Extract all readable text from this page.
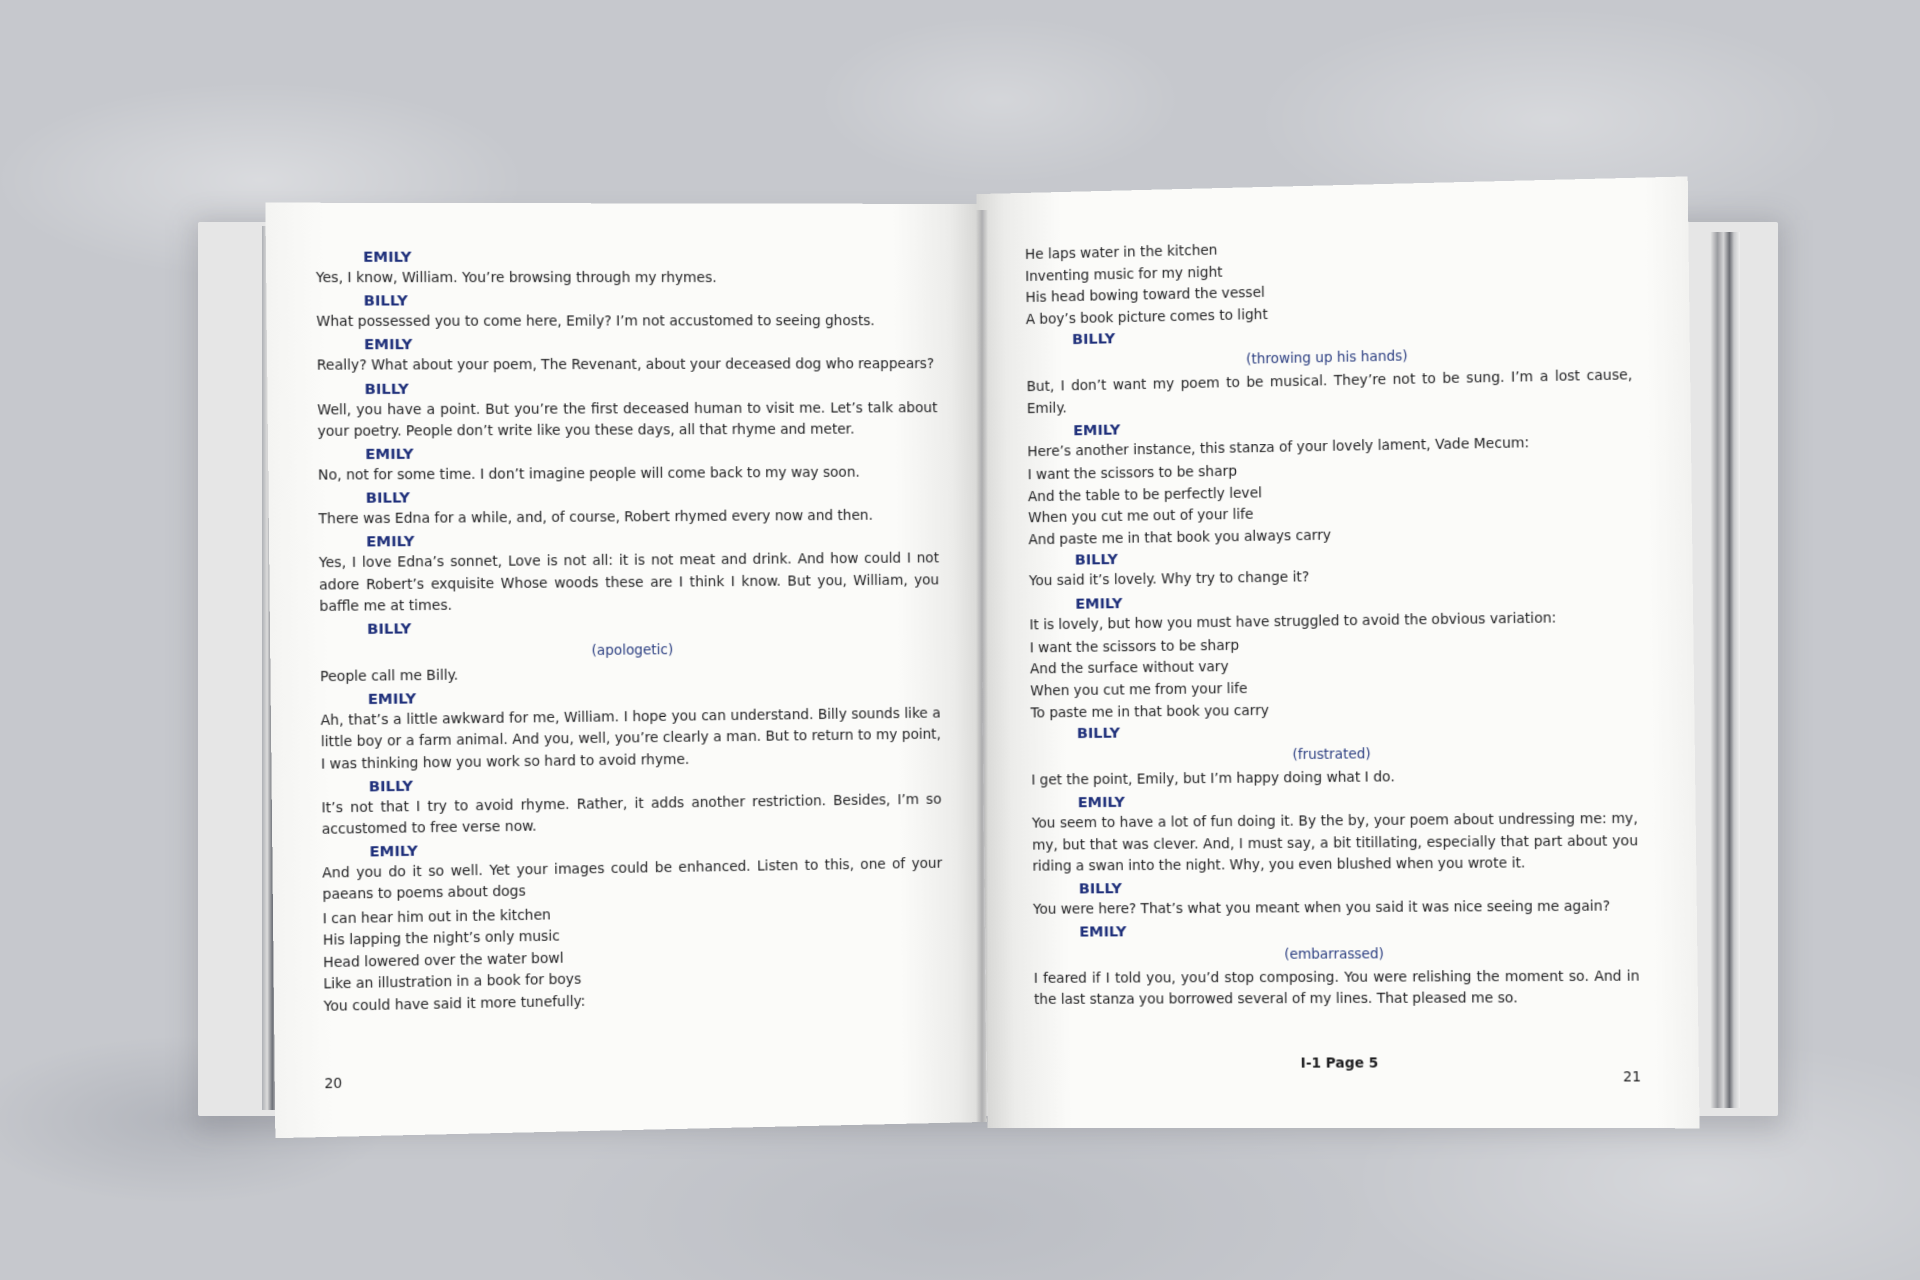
EMILY
Yes, I know, William. You’re browsing through my rhymes.
BILLY
What possessed you to come here, Emily? I’m not accustomed to seeing ghosts.
EMILY
Really? What about your poem, The Revenant, about your deceased dog who reappears?
BILLY
Well, you have a point. But you’re the first deceased human to visit me. Let’s talk about your poetry. People don’t write like you these days, all that rhyme and meter.
EMILY
No, not for some time. I don’t imagine people will come back to my way soon.
BILLY
There was Edna for a while, and, of course, Robert rhymed every now and then.
EMILY
Yes, I love Edna’s sonnet, Love is not all: it is not meat and drink. And how could I not adore Robert’s exquisite Whose woods these are I think I know. But you, William, you baffle me at times.
BILLY
(apologetic)
People call me Billy.
EMILY
Ah, that’s a little awkward for me, William. I hope you can understand. Billy sounds like a little boy or a farm animal. And you, well, you’re clearly a man. But to return to my point, I was thinking how you work so hard to avoid rhyme.
BILLY
It’s not that I try to avoid rhyme. Rather, it adds another restriction. Besides, I’m so accustomed to free verse now.
EMILY
And you do it so well. Yet your images could be enhanced. Listen to this, one of your paeans to poems about dogs
I can hear him out in the kitchen
His lapping the night’s only music
Head lowered over the water bowl
Like an illustration in a book for boys
You could have said it more tunefully:
20
He laps water in the kitchen
Inventing music for my night
His head bowing toward the vessel
A boy’s book picture comes to light
BILLY
(throwing up his hands)
But, I don’t want my poem to be musical. They’re not to be sung. I’m a lost cause, Emily.
EMILY
Here’s another instance, this stanza of your lovely lament, Vade Mecum:
I want the scissors to be sharp
And the table to be perfectly level
When you cut me out of your life
And paste me in that book you always carry
BILLY
You said it’s lovely. Why try to change it?
EMILY
It is lovely, but how you must have struggled to avoid the obvious variation:
I want the scissors to be sharp
And the surface without vary
When you cut me from your life
To paste me in that book you carry
BILLY
(frustrated)
I get the point, Emily, but I’m happy doing what I do.
EMILY
You seem to have a lot of fun doing it. By the by, your poem about undressing me: my, my, but that was clever. And, I must say, a bit titillating, especially that part about you riding a swan into the night. Why, you even blushed when you wrote it.
BILLY
You were here? That’s what you meant when you said it was nice seeing me again?
EMILY
(embarrassed)
I feared if I told you, you’d stop composing. You were relishing the moment so. And in the last stanza you borrowed several of my lines. That pleased me so.
I-1 Page 5
21
